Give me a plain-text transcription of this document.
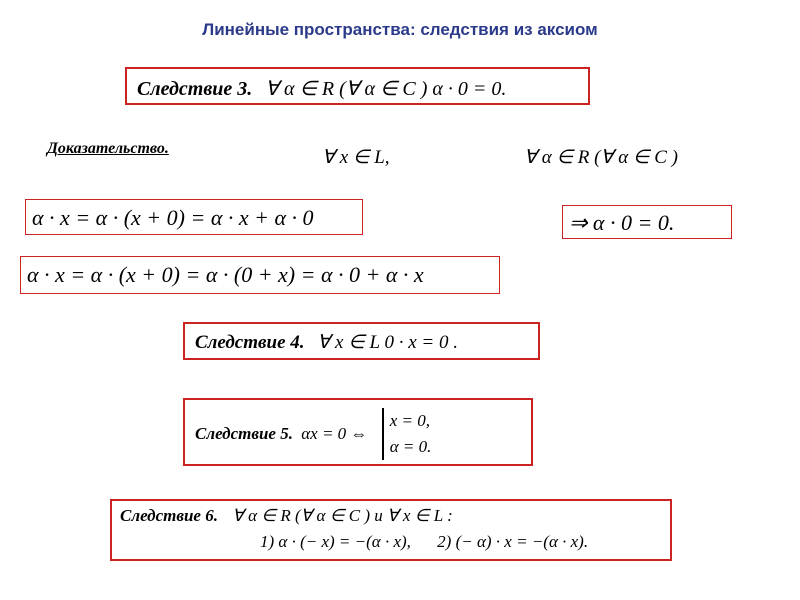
Линейные пространства: следствия из аксиом
Следствие 3. ∀ α ∈ R (∀ α ∈ C ) α · 0 = 0.
Доказательство.	∀ x ∈ L,	∀ α ∈ R (∀ α ∈ C )
α · x = α · (x + 0) = α · x + α · 0	⇒ α · 0 = 0.
α · x = α · (x + 0) = α · (0 + x) = α · 0 + α · x
Следствие 4. ∀ x ∈ L 0 · x = 0 .
Следствие 5. αx = 0 ⇔
x = 0,
α = 0.
Следствие 6. ∀ α ∈ R (∀ α ∈ C ) и ∀ x ∈ L :
1) α · (− x) = −(α · x), 2) (− α) · x = −(α · x).
